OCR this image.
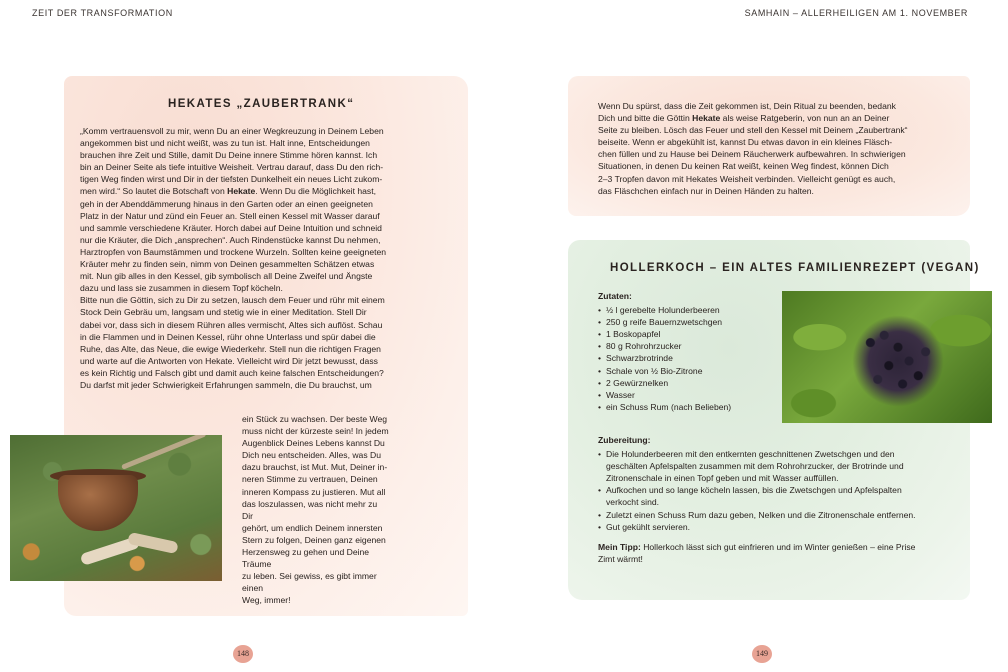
ZEIT DER TRANSFORMATION	SAMHAIN – ALLERHEILIGEN AM 1. NOVEMBER
HEKATES „ZAUBERTRANK“

„Komm vertrauensvoll zu mir, wenn Du an einer Wegkreuzung in Deinem Leben

angekommen bist und nicht weißt, was zu tun ist. Halt inne, Entscheidungen

brauchen ihre Zeit und Stille, damit Du Deine innere Stimme hören kannst. Ich

bin an Deiner Seite als tiefe intuitive Weisheit. Vertrau darauf, dass Du den rich-

tigen Weg finden wirst und Dir in der tiefsten Dunkelheit ein neues Licht zukom-

men wird.“ So lautet die Botschaft von Hekate. Wenn Du die Möglichkeit hast,

geh in der Abenddämmerung hinaus in den Garten oder an einen geeigneten

Platz in der Natur und zünd ein Feuer an. Stell einen Kessel mit Wasser darauf

und sammle verschiedene Kräuter. Horch dabei auf Deine Intuition und schneid

nur die Kräuter, die Dich „ansprechen“. Auch Rindenstücke kannst Du nehmen,

Harztropfen von Baumstämmen und trockene Wurzeln. Sollten keine geeigneten

Kräuter mehr zu finden sein, nimm von Deinen gesammelten Schätzen etwas

mit. Nun gib alles in den Kessel, gib symbolisch all Deine Zweifel und Ängste

dazu und lass sie zusammen in diesem Topf köcheln.

Bitte nun die Göttin, sich zu Dir zu setzen, lausch dem Feuer und rühr mit einem

Stock Dein Gebräu um, langsam und stetig wie in einer Meditation. Stell Dir

dabei vor, dass sich in diesem Rühren alles vermischt, Altes sich auflöst. Schau

in die Flammen und in Deinen Kessel, rühr ohne Unterlass und spür dabei die

Ruhe, das Alte, das Neue, die ewige Wiederkehr. Stell nun die richtigen Fragen

und warte auf die Antworten von Hekate. Vielleicht wird Dir jetzt bewusst, dass

es kein Richtig und Falsch gibt und damit auch keine falschen Entscheidungen?

Du darfst mit jeder Schwierigkeit Erfahrungen sammeln, die Du brauchst, um

ein Stück zu wachsen. Der beste Weg

muss nicht der kürzeste sein! In jedem

Augenblick Deines Lebens kannst Du

Dich neu entscheiden. Alles, was Du

dazu brauchst, ist Mut. Mut, Deiner in-

neren Stimme zu vertrauen, Deinen

inneren Kompass zu justieren. Mut all

das loszulassen, was nicht mehr zu Dir

gehört, um endlich Deinem innersten

Stern zu folgen, Deinen ganz eigenen

Herzensweg zu gehen und Deine Träume

zu leben. Sei gewiss, es gibt immer einen

Weg, immer!

148

Wenn Du spürst, dass die Zeit gekommen ist, Dein Ritual zu beenden, bedank

Dich und bitte die Göttin Hekate als weise Ratgeberin, von nun an an Deiner

Seite zu bleiben. Lösch das Feuer und stell den Kessel mit Deinem „Zaubertrank“

beiseite. Wenn er abgekühlt ist, kannst Du etwas davon in ein kleines Fläsch-

chen füllen und zu Hause bei Deinem Räucherwerk aufbewahren. In schwierigen

Situationen, in denen Du keinen Rat weißt, keinen Weg findest, können Dich

2–3 Tropfen davon mit Hekates Weisheit verbinden. Vielleicht genügt es auch,

das Fläschchen einfach nur in Deinen Händen zu halten.

HOLLERKOCH – EIN ALTES FAMILIENREZEPT (VEGAN)

Zutaten:

• ½ l gerebelte Holunderbeeren
• 250 g reife Bauernzwetschgen
• 1 Boskopapfel
• 80 g Rohrohrzucker
• Schwarzbrotrinde
• Schale von ½ Bio-Zitrone
• 2 Gewürznelken
• Wasser
• ein Schuss Rum (nach Belieben)

Zubereitung:

• Die Holunderbeeren mit den entkernten geschnittenen Zwetschgen und den
geschälten Apfelspalten zusammen mit dem Rohrohrzucker, der Brotrinde und
Zitronenschale in einen Topf geben und mit Wasser auffüllen.
• Aufkochen und so lange köcheln lassen, bis die Zwetschgen und Apfelspalten
verkocht sind.
• Zuletzt einen Schuss Rum dazu geben, Nelken und die Zitronenschale entfernen.
• Gut gekühlt servieren.

Mein Tipp: Hollerkoch lässt sich gut einfrieren und im Winter genießen – eine Prise
Zimt wärmt!

149
